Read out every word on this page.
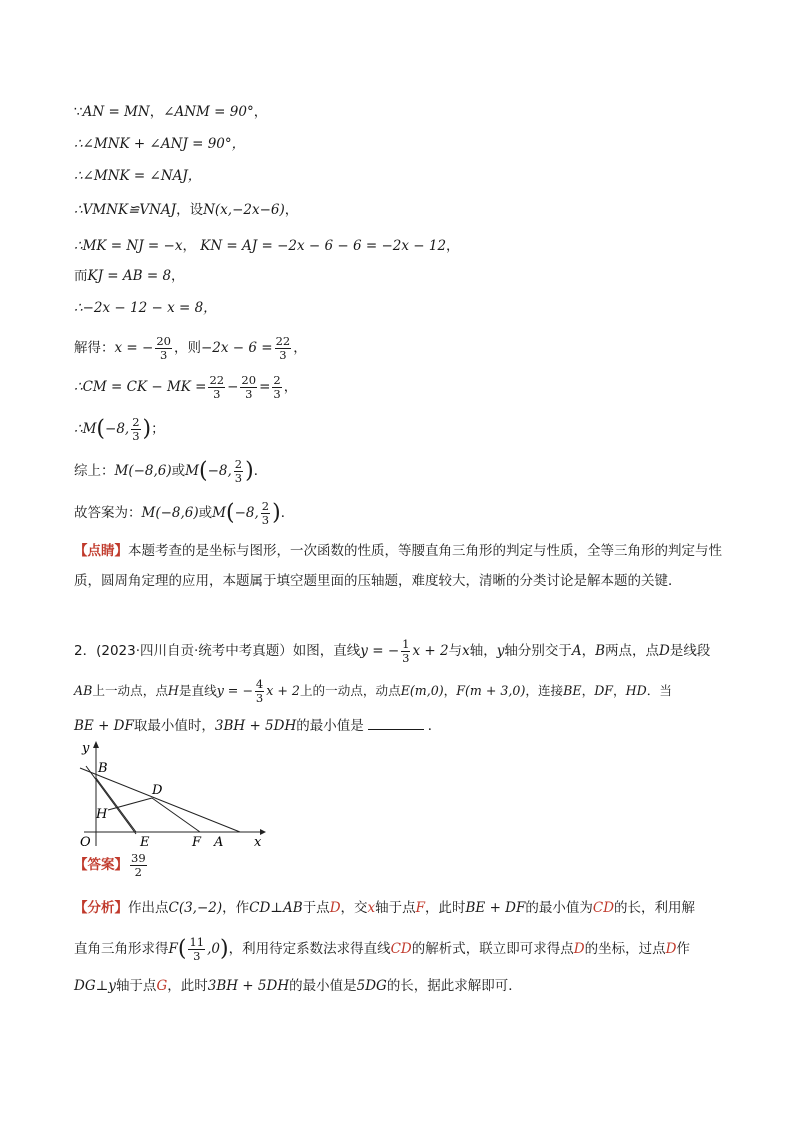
∵AN = MN，∠ANM = 90°，
∴∠MNK + ∠ANJ = 90°，
∴∠MNK = ∠NAJ，
∴VMNK≌VNAJ，设N(x,−2x−6)，
∴MK = NJ = −x， KN = AJ = −2x − 6 − 6 = −2x − 12，
而KJ = AB = 8，
∴−2x − 12 − x = 8，
解得：x = − $\frac{20}{3}$ ，则$-2x - 6 = \frac{22}{3}$ ，
∴CM = CK − MK = $\frac{22}{3} - \frac{20}{3} = \frac{2}{3}$ ，
∴M(−8, $\frac{2}{3}$ )；
综上：M(−8,6)或M(−8, $\frac{2}{3}$ )．
故答案为：M(−8,6)或M(−8, $\frac{2}{3}$ )．
【点睛】本题考查的是坐标与图形，一次函数的性质，等腰直角三角形的判定与性质，全等三角形的判定与性质，圆周角定理的应用，本题属于填空题里面的压轴题，难度较大，清晰的分类讨论是解本题的关键．
2．(2023·四川自贡·统考中考真题）如图，直线y = − $\frac{1}{3}$ x + 2与x轴，y轴分别交于A，B两点，点D是线段
AB上一动点，点H是直线y = − $\frac{4}{3}$ x + 2上的一动点，动点E(m,0)，F(m + 3,0)，连接BE，DF，HD．当
BE + DF取最小值时，3BH + 5DH的最小值是	．
y
x
B
D
H
O	E	F A
【答案】 $\frac{39}{2}$
【分析】作出点C(3,−2)，作CD⊥AB于点D，交x轴于点F，此时BE + DF的最小值为CD的长，利用解
直角三角形求得$F( \frac{11}{3} ,0)$，利用待定系数法求得直线CD的解析式，联立即可求得点D的坐标，过点D作
DG⊥y轴于点G，此时3BH + 5DH的最小值是5DG的长，据此求解即可．
